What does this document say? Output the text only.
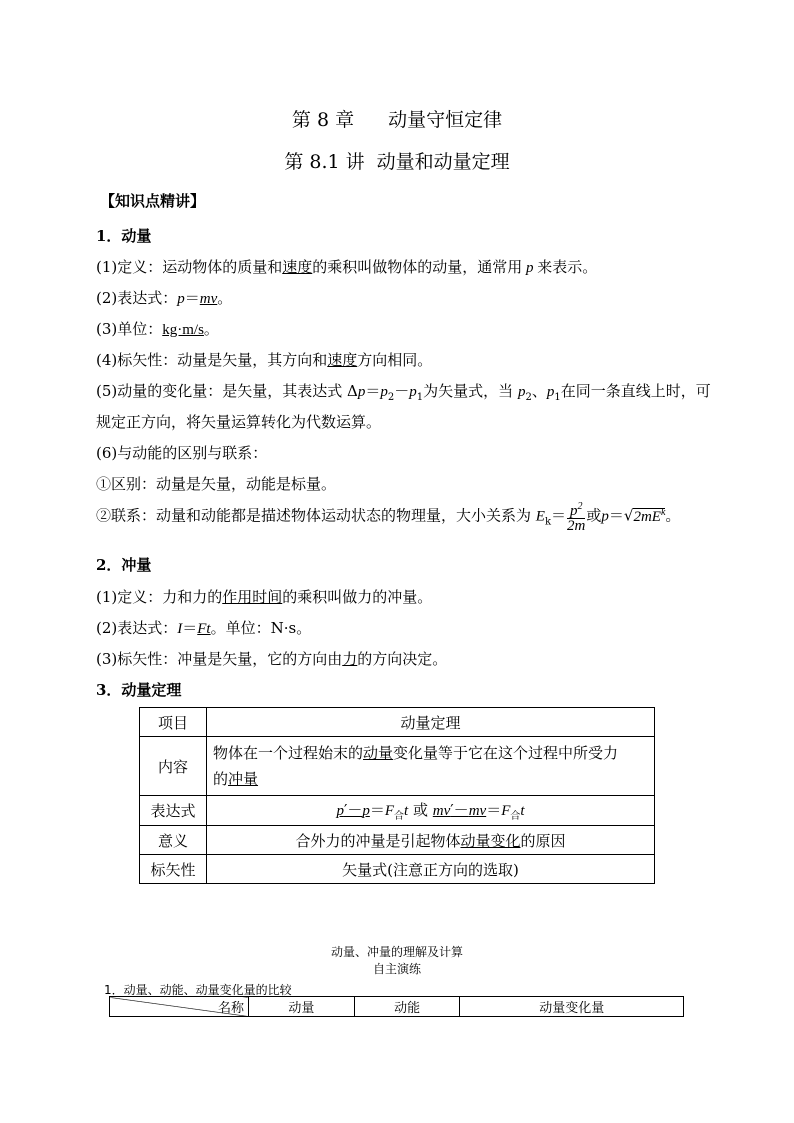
第 8 章 动量守恒定律
第 8.1 讲 动量和动量定理
【知识点精讲】
1．动量
(1)定义：运动物体的质量和速度的乘积叫做物体的动量，通常用 p 来表示。
(2)表达式：p＝mv。
(3)单位：kg·m/s。
(4)标矢性：动量是矢量，其方向和速度方向相同。
(5)动量的变化量：是矢量，其表达式 $\Delta p=p_2-p_1$为矢量式，当 $p_2$、$p_1$在同一条直线上时，可
规定正方向，将矢量运算转化为代数运算。
(6)与动能的区别与联系：
①区别：动量是矢量，动能是标量。
②联系：动量和动能都是描述物体运动状态的物理量，大小关系为 $E_k= \frac{p^2}{2m}$ 或$p=√2mE^k$。
2．冲量
(1)定义：力和力的作用时间的乘积叫做力的冲量。
(2)表达式：I＝Ft。单位：N·s。
(3)标矢性：冲量是矢量，它的方向由力的方向决定。
3．动量定理
项目	动量定理
内容	物体在一个过程始末的动量变化量等于它在这个过程中所受力
的冲量
表达式	$p'-p=F_合t$ 或 $mv'-mv=F_合t$
意义	合外力的冲量是引起物体动量变化的原因
标矢性	矢量式(注意正方向的选取)
动量、冲量的理解及计算
自主演练
1．动量、动能、动量变化量的比较
名称	动量	动能	动量变化量
